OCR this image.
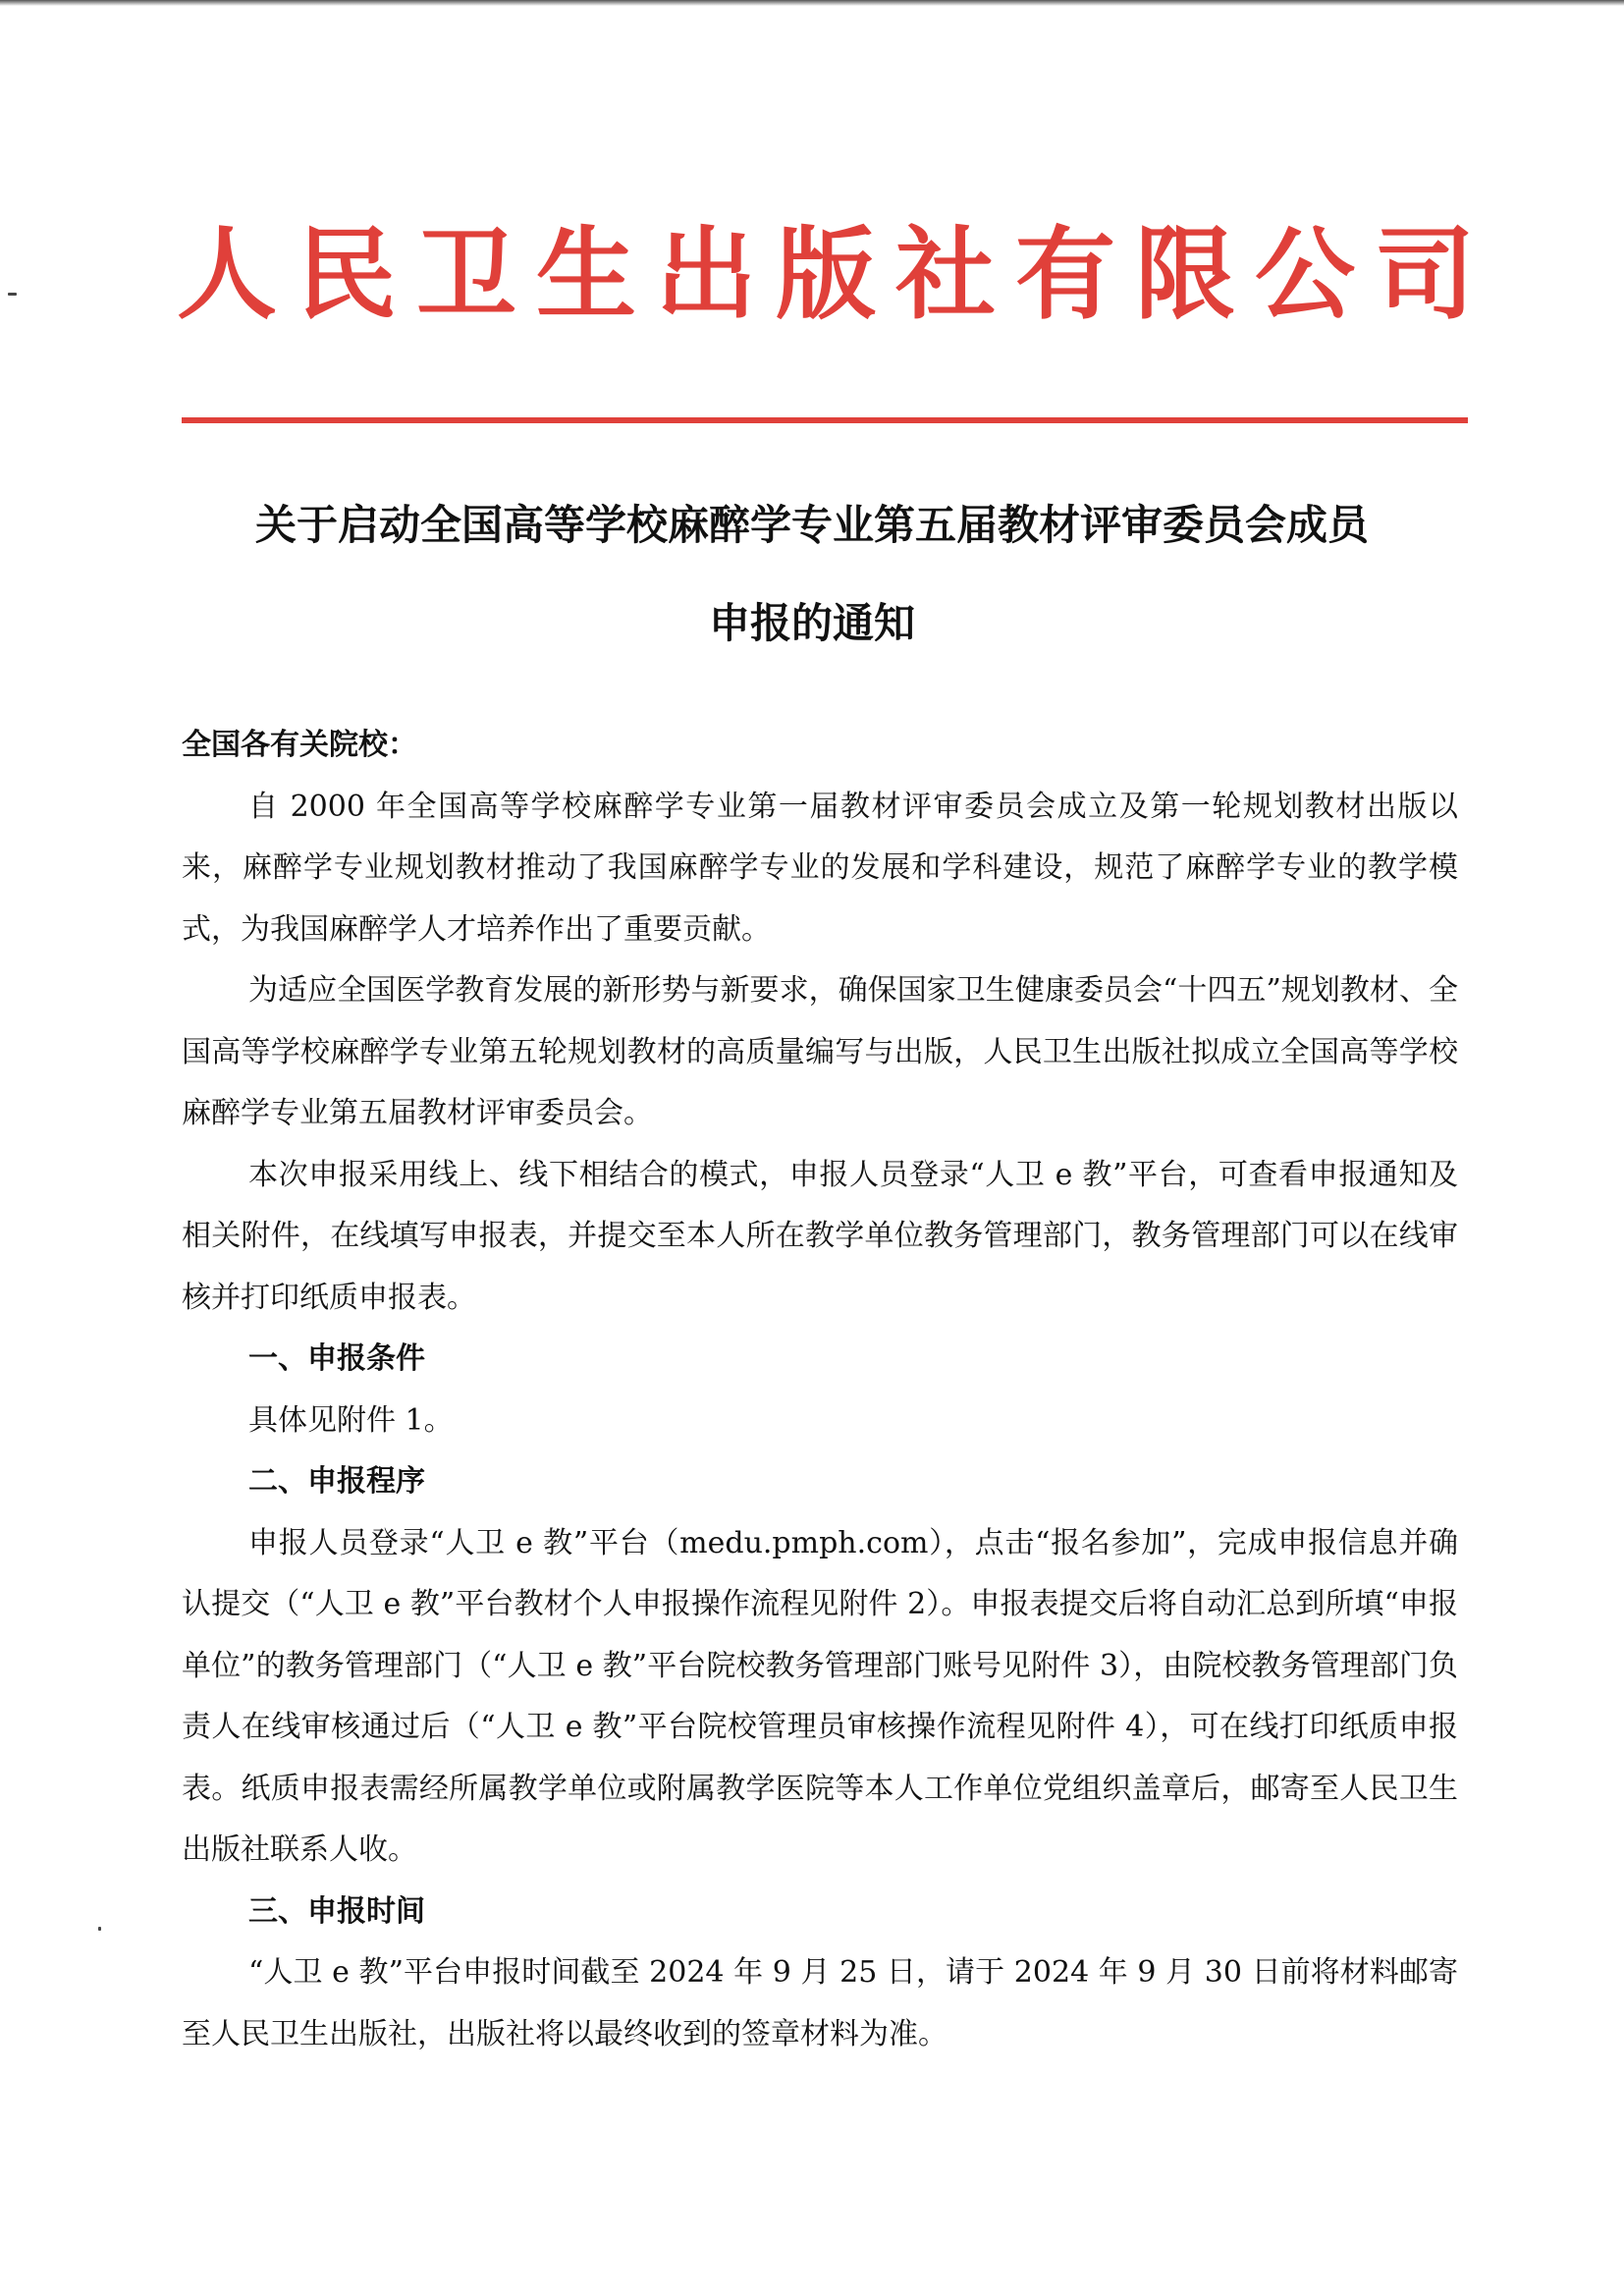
人民卫生出版社有限公司
关于启动全国高等学校麻醉学专业第五届教材评审委员会成员
申报的通知

全国各有关院校：

自 2000 年全国高等学校麻醉学专业第一届教材评审委员会成立及第一轮规划教材出版以来，麻醉学专业规划教材推动了我国麻醉学专业的发展和学科建设，规范了麻醉学专业的教学模式，为我国麻醉学人才培养作出了重要贡献。

为适应全国医学教育发展的新形势与新要求，确保国家卫生健康委员会“十四五”规划教材、全国高等学校麻醉学专业第五轮规划教材的高质量编写与出版，人民卫生出版社拟成立全国高等学校麻醉学专业第五届教材评审委员会。

本次申报采用线上、线下相结合的模式，申报人员登录“人卫 e 教”平台，可查看申报通知及相关附件，在线填写申报表，并提交至本人所在教学单位教务管理部门，教务管理部门可以在线审核并打印纸质申报表。

一、申报条件

具体见附件 1。

二、申报程序

申报人员登录“人卫 e 教”平台（medu.pmph.com），点击“报名参加”，完成申报信息并确认提交（“人卫 e 教”平台教材个人申报操作流程见附件 2）。申报表提交后将自动汇总到所填“申报单位”的教务管理部门（“人卫 e 教”平台院校教务管理部门账号见附件 3），由院校教务管理部门负责人在线审核通过后（“人卫 e 教”平台院校管理员审核操作流程见附件 4），可在线打印纸质申报表。纸质申报表需经所属教学单位或附属教学医院等本人工作单位党组织盖章后，邮寄至人民卫生出版社联系人收。

三、申报时间

“人卫 e 教”平台申报时间截至 2024 年 9 月 25 日，请于 2024 年 9 月 30 日前将材料邮寄至人民卫生出版社，出版社将以最终收到的签章材料为准。
